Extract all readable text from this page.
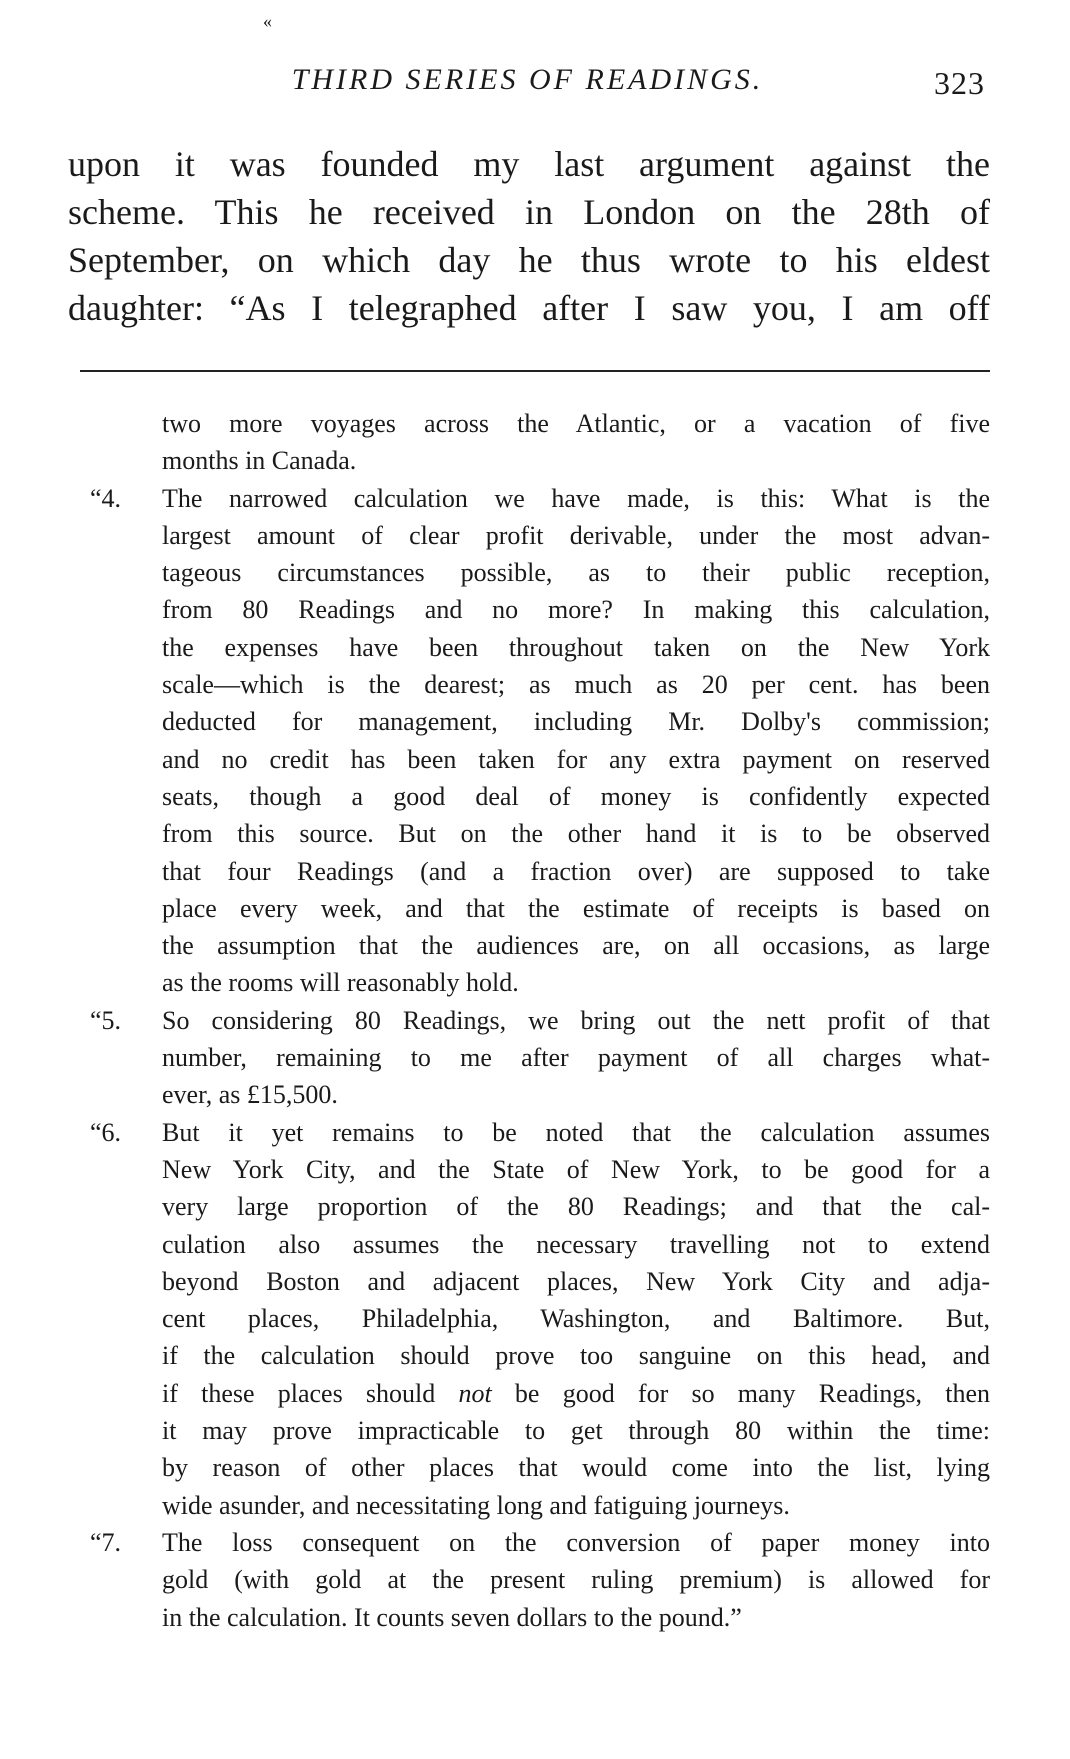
«
THIRD SERIES OF READINGS.	323
upon it was founded my last argument against the
scheme. This he received in London on the 28th of
September, on which day he thus wrote to his eldest
daughter: “As I telegraphed after I saw you, I am off
two more voyages across the Atlantic, or a vacation of five
months in Canada.
“4.	The narrowed calculation we have made, is this: What is the
largest amount of clear profit derivable, under the most advan-
tageous circumstances possible, as to their public reception,
from 80 Readings and no more? In making this calculation,
the expenses have been throughout taken on the New York
scale—which is the dearest; as much as 20 per cent. has been
deducted for management, including Mr. Dolby's commission;
and no credit has been taken for any extra payment on reserved
seats, though a good deal of money is confidently expected
from this source. But on the other hand it is to be observed
that four Readings (and a fraction over) are supposed to take
place every week, and that the estimate of receipts is based on
the assumption that the audiences are, on all occasions, as large
as the rooms will reasonably hold.
“5.	So considering 80 Readings, we bring out the nett profit of that
number, remaining to me after payment of all charges what-
ever, as £15,500.
“6.	But it yet remains to be noted that the calculation assumes
New York City, and the State of New York, to be good for a
very large proportion of the 80 Readings; and that the cal-
culation also assumes the necessary travelling not to extend
beyond Boston and adjacent places, New York City and adja-
cent places, Philadelphia, Washington, and Baltimore. But,
if the calculation should prove too sanguine on this head, and
if these places should not be good for so many Readings, then
it may prove impracticable to get through 80 within the time:
by reason of other places that would come into the list, lying
wide asunder, and necessitating long and fatiguing journeys.
“7.	The loss consequent on the conversion of paper money into
gold (with gold at the present ruling premium) is allowed for
in the calculation. It counts seven dollars to the pound.”
